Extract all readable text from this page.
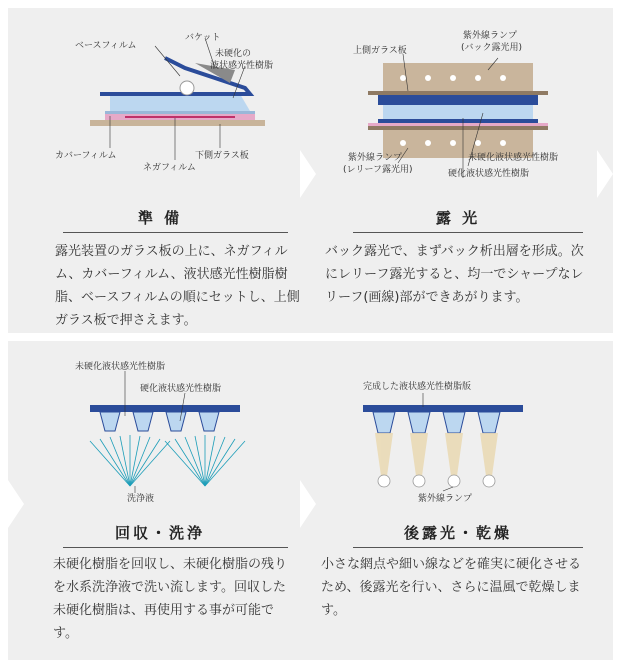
ベースフィルム
バケット
未硬化の
液状感光性樹脂
カバーフィルム
ネガフィルム
下側ガラス板
準 備
露光装置のガラス板の上に、ネガフィルム、カバーフィルム、液状感光性樹脂樹脂、ベースフィルムの順にセットし、上側ガラス板で押さえます。
上側ガラス板
紫外線ランプ
(バック露光用)
紫外線ランプ
(レリーフ露光用)
未硬化液状感光性樹脂
硬化液状感光性樹脂
露 光
バック露光で、まずバック析出層を形成。次にレリーフ露光すると、均一でシャープなレリーフ(画線)部ができあがります。
未硬化液状感光性樹脂
硬化液状感光性樹脂
洗浄液
回収・洗浄
未硬化樹脂を回収し、未硬化樹脂の残りを水系洗浄液で洗い流します。回収した未硬化樹脂は、再使用する事が可能です。
完成した液状感光性樹脂版
紫外線ランプ
後露光・乾燥
小さな網点や細い線などを確実に硬化させるため、後露光を行い、さらに温風で乾燥します。
